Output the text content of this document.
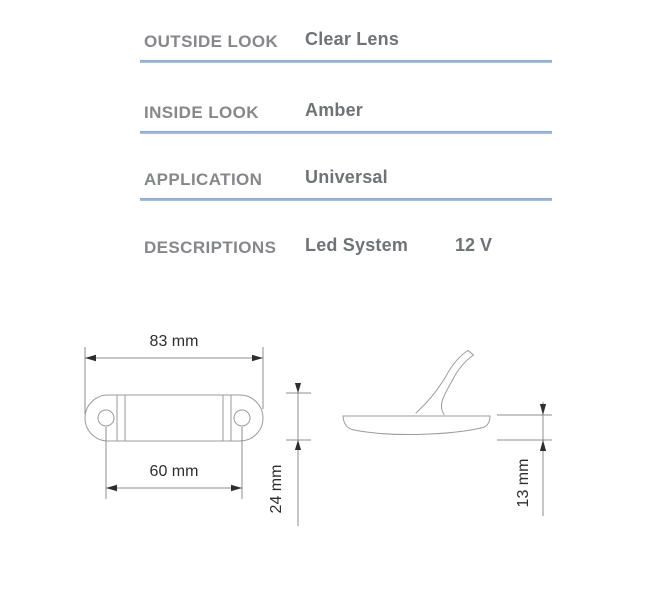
OUTSIDE LOOK Clear Lens
INSIDE LOOK	Amber
APPLICATION Universal
DESCRIPTIONS Led System	12 V
83 mm
60 mm	24 mm	13 mm
